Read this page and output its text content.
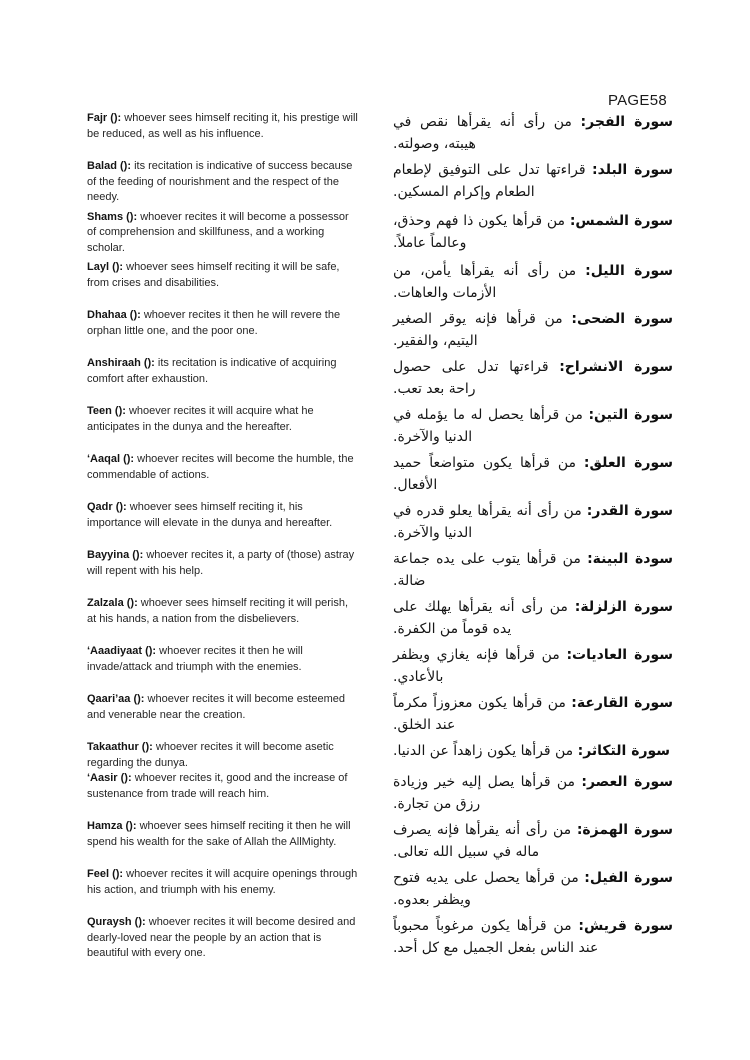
PAGE58

Fajr (): whoever sees himself reciting it, his prestige will be reduced, as well as his influence.

سورة الفجر: من رأى أنه يقرأها نقص في هيبته، وصولته.

Balad (): its recitation is indicative of success because of the feeding of nourishment and the respect of the needy.

سورة البلد: قراءتها تدل على التوفيق لإطعام الطعام وإكرام المسكين.

Shams (): whoever recites it will become a possessor of comprehension and skillfuness, and a working scholar.

سورة الشمس: من قرأها يكون ذا فهم وحذق، وعالماً عاملاً.

Layl (): whoever sees himself reciting it will be safe, from crises and disabilities.

سورة الليل: من رأى أنه يقرأها يأمن، من الأزمات والعاهات.

Dhahaa (): whoever recites it then he will revere the orphan little one, and the poor one.

سورة الضحى: من قرأها فإنه يوقر الصغير اليتيم، والفقير.

Anshiraah (): its recitation is indicative of acquiring comfort after exhaustion.

سورة الانشراح: قراءتها تدل على حصول راحة بعد تعب.

Teen (): whoever recites it will acquire what he anticipates in the dunya and the hereafter.

سورة التين: من قرأها يحصل له ما يؤمله في الدنيا والآخرة.

‘Aaqal (): whoever recites will become the humble, the commendable of actions.

سورة العلق: من قرأها يكون متواضعاً حميد الأفعال.

Qadr (): whoever sees himself reciting it, his importance will elevate in the dunya and hereafter.

سورة القدر: من رأى أنه يقرأها يعلو قدره في الدنيا والآخرة.

Bayyina (): whoever recites it, a party of (those) astray will repent with his help.

سودة البينة: من قرأها يتوب على يده جماعة ضالة.

Zalzala (): whoever sees himself reciting it will perish, at his hands, a nation from the disbelievers.

سورة الزلزلة: من رأى أنه يقرأها يهلك على يده قوماً من الكفرة.

‘Aaadiyaat (): whoever recites it then he will invade/attack and triumph with the enemies.

سورة العاديات: من قرأها فإنه يغازي ويظفر بالأعادي.

Qaari’aa (): whoever recites it will become esteemed and venerable near the creation.

سورة القارعة: من قرأها يكون معزوزاً مكرماً عند الخلق.

Takaathur (): whoever recites it will become asetic regarding the dunya.

سورة التكاثر: من قرأها يكون زاهداً عن الدنيا.

‘Aasir (): whoever recites it, good and the increase of sustenance from trade will reach him.

سورة العصر: من قرأها يصل إليه خير وزيادة رزق من تجارة.

Hamza (): whoever sees himself reciting it then he will spend his wealth for the sake of Allah the AllMighty.

سورة الهمزة: من رأى أنه يقرأها فإنه يصرف ماله في سبيل الله تعالى.

Feel (): whoever recites it will acquire openings through his action, and triumph with his enemy.

سورة الفيل: من قرأها يحصل على يديه فتوح ويظفر بعدوه.

Quraysh (): whoever recites it will become desired and dearly-loved near the people by an action that is beautiful with every one.

سورة قريش: من قرأها يكون مرغوباً محبوباً عند الناس بفعل الجميل مع كل أحد.
